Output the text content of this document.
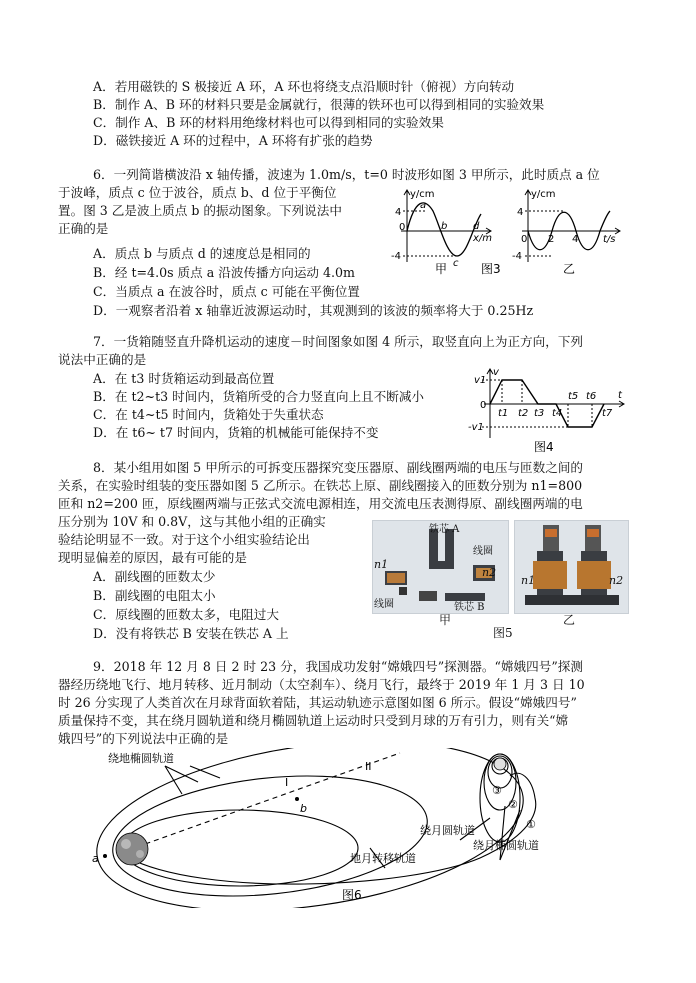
A．若用磁铁的 S 极接近 A 环，A 环也将绕支点沿顺时针（俯视）方向转动
B．制作 A、B 环的材料只要是金属就行，很薄的铁环也可以得到相同的实验效果
C．制作 A、B 环的材料用绝缘材料也可以得到相同的实验效果
D．磁铁接近 A 环的过程中，A 环将有扩张的趋势
6．一列简谐横波沿 x 轴传播，波速为 1.0m/s，t=0 时波形如图 3 甲所示，此时质点 a 位
于波峰，质点 c 位于波谷，质点 b、d 位于平衡位
置。图 3 乙是波上质点 b 的振动图象。下列说法中
正确的是
A．质点 b 与质点 d 的速度总是相同的
B．经 t=4.0s 质点 a 沿波传播方向运动 4.0m
C．当质点 a 在波谷时，质点 c 可能在平衡位置
D．一观察者沿着 x 轴靠近波源运动时，其观测到的该波的频率将大于 0.25Hz
y/cm
4
-4
0
x/m
a
b
c
d
y/cm
4
-4
0 2 4 t/s
甲	图3	乙
7．一货箱随竖直升降机运动的速度－时间图象如图 4 所示，取竖直向上为正方向，下列
说法中正确的是
A．在 t3 时货箱运动到最高位置
B．在 t2~t3 时间内，货箱所受的合力竖直向上且不断减小
C．在 t4~t5 时间内，货箱处于失重状态
D．在 t6~ t7 时间内，货箱的机械能可能保持不变
v
v1
0
-v1
t
t1 t2 t3 t4
t5 t6
t7
图4
8．某小组用如图 5 甲所示的可拆变压器探究变压器原、副线圈两端的电压与匝数之间的
关系，在实验时组装的变压器如图 5 乙所示。在铁芯上原、副线圈接入的匝数分别为 n1=800
匝和 n2=200 匝，原线圈两端与正弦式交流电源相连，用交流电压表测得原、副线圈两端的电
压分别为 10V 和 0.8V，这与其他小组的正确实
验结论明显不一致。对于这个小组实验结论出
现明显偏差的原因，最有可能的是
A．副线圈的匝数太少
B．副线圈的电阻太小
C．原线圈的匝数太多，电阻过大
D．没有将铁芯 B 安装在铁芯 A 上
铁芯 A
线圈
线圈	铁芯 B
n1
n2
n1	n2
甲
图5
乙
9．2018 年 12 月 8 日 2 时 23 分，我国成功发射“嫦娥四号”探测器。“嫦娥四号”探测
器经历绕地飞行、地月转移、近月制动（太空刹车）、绕月飞行，最终于 2019 年 1 月 3 日 10
时 26 分实现了人类首次在月球背面软着陆，其运动轨迹示意图如图 6 所示。假设“嫦娥四号”
质量保持不变，其在绕月圆轨道和绕月椭圆轨道上运动时只受到月球的万有引力，则有关“嫦
娥四号”的下列说法中正确的是
绕地椭圆轨道
I
II
b
a	地月转移轨道
绕月圆轨道
绕月椭圆轨道
③
②
①
图6
